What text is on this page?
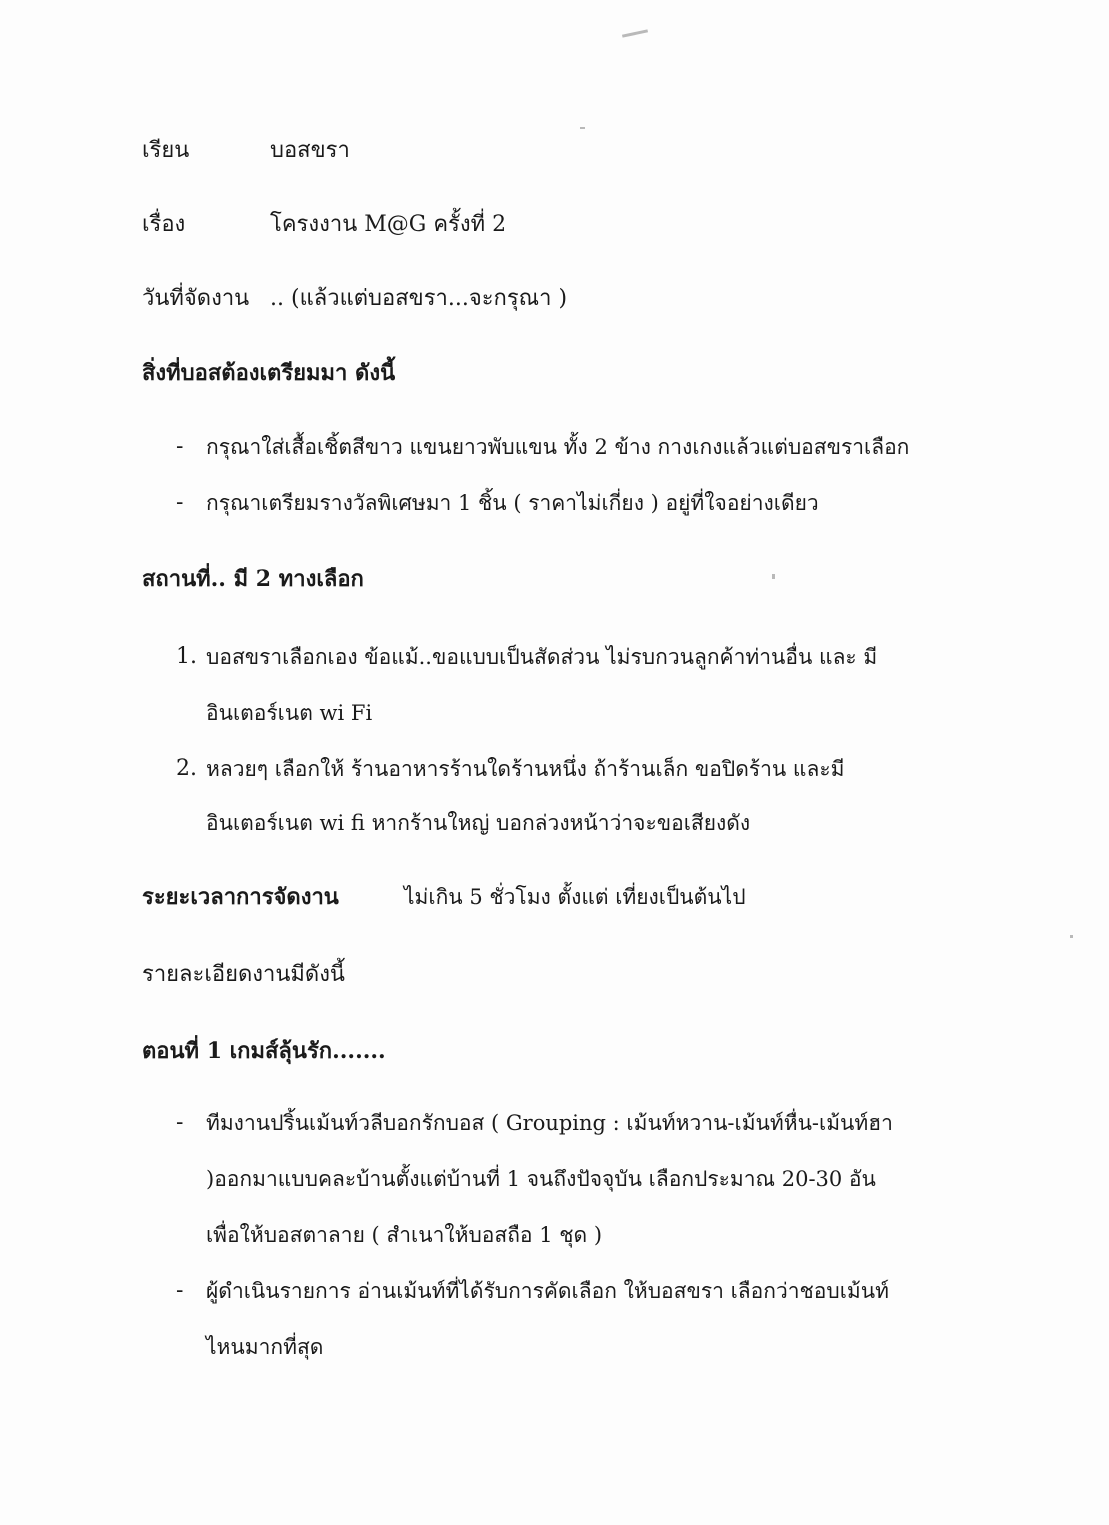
เรียน	บอสขรา
เรื่อง	โครงงาน M@G ครั้งที่ 2
วันที่จัดงาน .. (แล้วแต่บอสขรา...จะกรุณา )
สิ่งที่บอสต้องเตรียมมา ดังนี้
- กรุณาใส่เสื้อเชิ้ตสีขาว แขนยาวพับแขน ทั้ง 2 ข้าง กางเกงแล้วแต่บอสขราเลือก
- กรุณาเตรียมรางวัลพิเศษมา 1 ชิ้น ( ราคาไม่เกี่ยง ) อยู่ที่ใจอย่างเดียว
สถานที่.. มี 2 ทางเลือก
1. บอสขราเลือกเอง ข้อแม้..ขอแบบเป็นสัดส่วน ไม่รบกวนลูกค้าท่านอื่น และ มี
อินเตอร์เนต wi Fi
2. หลวยๆ เลือกให้ ร้านอาหารร้านใดร้านหนึ่ง ถ้าร้านเล็ก ขอปิดร้าน และมี
อินเตอร์เนต wi fi หากร้านใหญ่ บอกล่วงหน้าว่าจะขอเสียงดัง
ระยะเวลาการจัดงาน	ไม่เกิน 5 ชั่วโมง ตั้งแต่ เที่ยงเป็นต้นไป
รายละเอียดงานมีดังนี้
ตอนที่ 1 เกมส์ลุ้นรัก.......
- ทีมงานปริ้นเม้นท์วลีบอกรักบอส ( Grouping : เม้นท์หวาน-เม้นท์หื่น-เม้นท์ฮา
)ออกมาแบบคละบ้านตั้งแต่บ้านที่ 1 จนถึงปัจจุบัน เลือกประมาณ 20-30 อัน
เพื่อให้บอสตาลาย ( สำเนาให้บอสถือ 1 ชุด )
- ผู้ดำเนินรายการ อ่านเม้นท์ที่ได้รับการคัดเลือก ให้บอสขรา เลือกว่าชอบเม้นท์
ไหนมากที่สุด
